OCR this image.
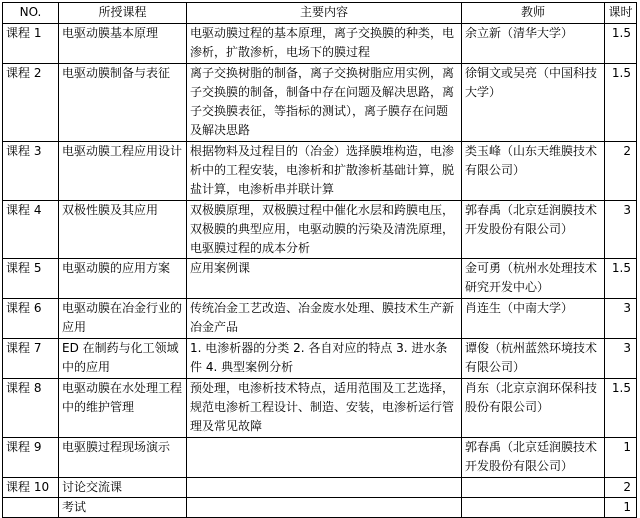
NO.	所授课程	主要内容	教师	课时
课程 1	电驱动膜基本原理	电驱动膜过程的基本原理，离子交换膜的种类，电渗析，扩散渗析，电场下的膜过程	余立新（清华大学）	1.5
课程 2	电驱动膜制备与表征	离子交换树脂的制备，离子交换树脂应用实例，离子交换膜的制备，制备中存在问题及解决思路，离子交换膜表征，等指标的测试），离子膜存在问题及解决思路	徐铜文或吴亮（中国科技大学）	1.5
课程 3	电驱动膜工程应用设计	根据物料及过程目的（冶金）选择膜堆构造，电渗析中的工程安装，电渗析和扩散渗析基础计算，脱盐计算，电渗析串并联计算	类玉峰（山东天维膜技术有限公司）	2
课程 4	双极性膜及其应用	双极膜原理，双极膜过程中催化水层和跨膜电压，双极膜的典型应用，电驱动膜的污染及清洗原理，电驱膜过程的成本分析	郭春禹（北京廷润膜技术开发股份有限公司）	3
课程 5	电驱动膜的应用方案	应用案例课	金可勇（杭州水处理技术研究开发中心）	1.5
课程 6	电驱动膜在冶金行业的应用	传统冶金工艺改造、冶金废水处理、膜技术生产新冶金产品	肖连生（中南大学）	3
课程 7	ED 在制药与化工领域中的应用	1. 电渗析器的分类 2. 各自对应的特点 3. 进水条件 4. 典型案例分析	谭俊（杭州蓝然环境技术有限公司）	3
课程 8	电驱动膜在水处理工程中的维护管理	预处理，电渗析技术特点，适用范围及工艺选择，规范电渗析工程设计、制造、安装，电渗析运行管理及常见故障	肖东（北京京润环保科技股份有限公司）	1.5
课程 9	电驱膜过程现场演示		郭春禹（北京廷润膜技术开发股份有限公司）	1
课程 10	讨论交流课			2
	考试			1
